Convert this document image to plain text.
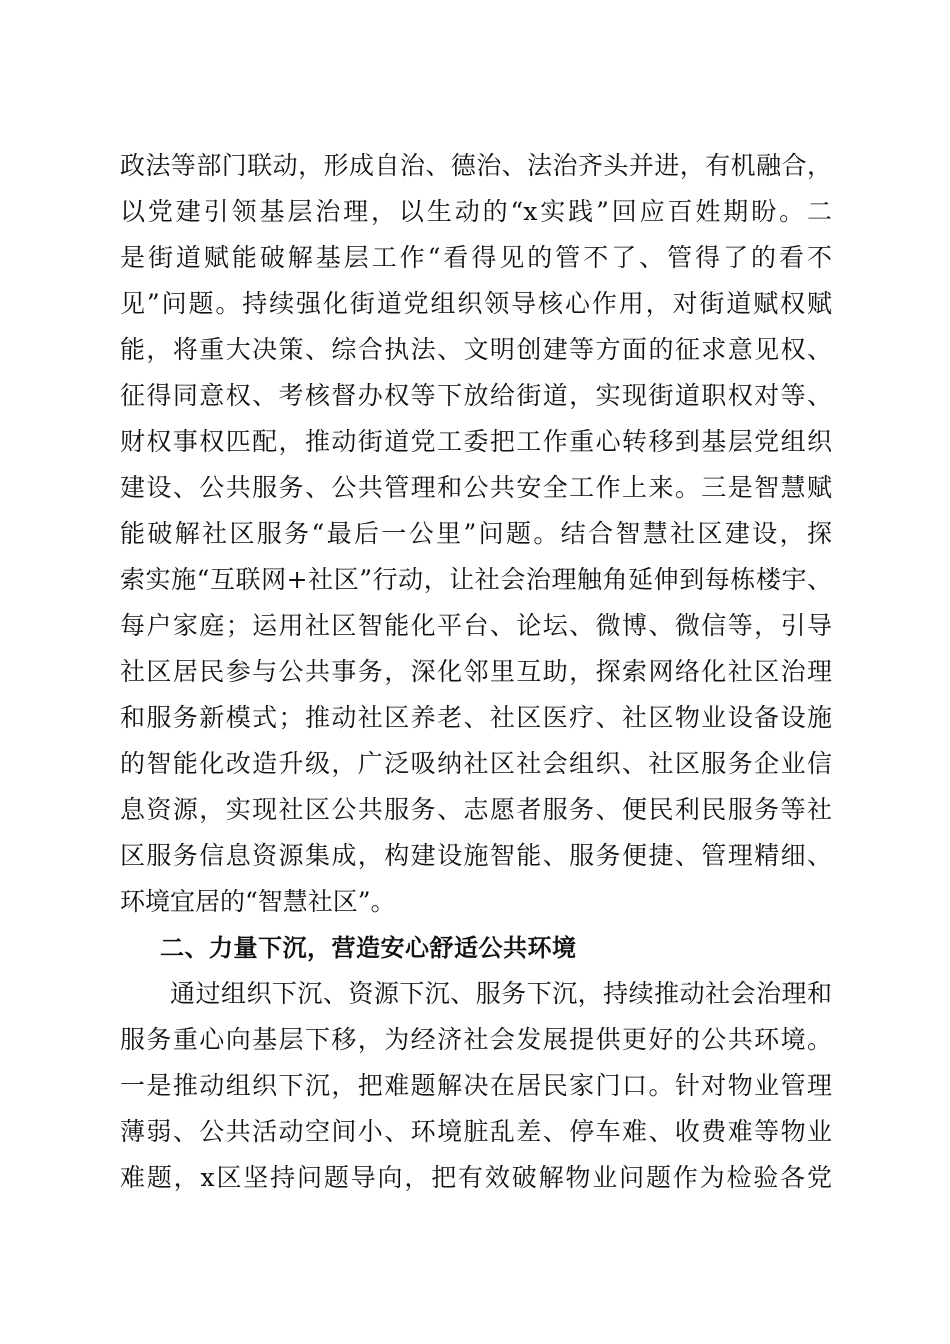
政法等部门联动，形成自治、德治、法治齐头并进，有机融合，
以党建引领基层治理，以生动的“x实践”回应百姓期盼。二
是街道赋能破解基层工作“看得见的管不了、管得了的看不
见”问题。持续强化街道党组织领导核心作用，对街道赋权赋
能，将重大决策、综合执法、文明创建等方面的征求意见权、
征得同意权、考核督办权等下放给街道，实现街道职权对等、
财权事权匹配，推动街道党工委把工作重心转移到基层党组织
建设、公共服务、公共管理和公共安全工作上来。三是智慧赋
能破解社区服务“最后一公里”问题。结合智慧社区建设，探
索实施“互联网+社区”行动，让社会治理触角延伸到每栋楼宇、
每户家庭；运用社区智能化平台、论坛、微博、微信等，引导
社区居民参与公共事务，深化邻里互助，探索网络化社区治理
和服务新模式；推动社区养老、社区医疗、社区物业设备设施
的智能化改造升级，广泛吸纳社区社会组织、社区服务企业信
息资源，实现社区公共服务、志愿者服务、便民利民服务等社
区服务信息资源集成，构建设施智能、服务便捷、管理精细、
环境宜居的“智慧社区”。
二、力量下沉，营造安心舒适公共环境
通过组织下沉、资源下沉、服务下沉，持续推动社会治理和
服务重心向基层下移，为经济社会发展提供更好的公共环境。
一是推动组织下沉，把难题解决在居民家门口。针对物业管理
薄弱、公共活动空间小、环境脏乱差、停车难、收费难等物业
难题，x区坚持问题导向，把有效破解物业问题作为检验各党
